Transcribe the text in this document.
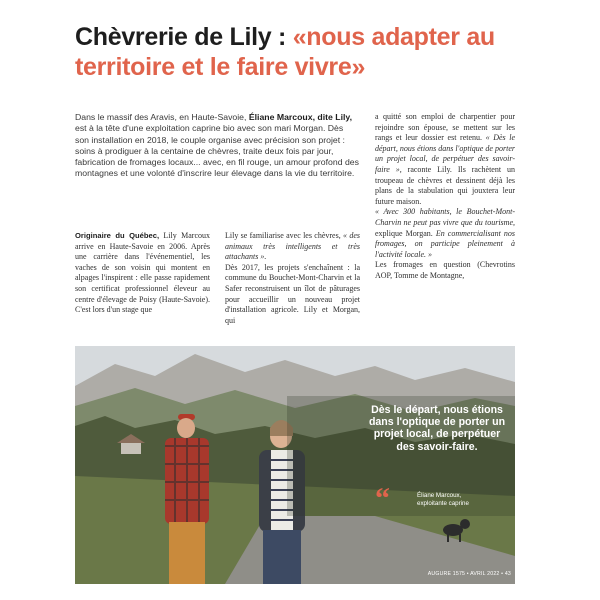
Chèvrerie de Lily : «nous adapter au territoire et le faire vivre»
Dans le massif des Aravis, en Haute-Savoie, Éliane Marcoux, dite Lily, est à la tête d'une exploitation caprine bio avec son mari Morgan. Dès son installation en 2018, le couple organise avec précision son projet : soins à prodiguer à la centaine de chèvres, traite deux fois par jour, fabrication de fromages locaux... avec, en fil rouge, un amour profond des montagnes et une volonté d'inscrire leur élevage dans la vie du territoire.

Originaire du Québec, Lily Marcoux arrive en Haute-Savoie en 2006. Après une carrière dans l'événementiel, les vaches de son voisin qui montent en alpages l'inspirent : elle passe rapidement son certificat professionnel éleveur au centre d'élevage de Poisy (Haute-Savoie). C'est lors d'un stage que

Lily se familiarise avec les chèvres, « des animaux très intelligents et très attachants ».

Dès 2017, les projets s'enchaînent : la commune du Bouchet-Mont-Charvin et la Safer reconstruisent un îlot de pâturages pour accueillir un nouveau projet d'installation agricole. Lily et Morgan, qui

a quitté son emploi de charpentier pour rejoindre son épouse, se mettent sur les rangs et leur dossier est retenu. « Dès le départ, nous étions dans l'optique de porter un projet local, de perpétuer des savoir-faire », raconte Lily. Ils rachètent un troupeau de chèvres et dessinent déjà les plans de la stabulation qui jouxtera leur future maison.

« Avec 300 habitants, le Bouchet-Mont-Charvin ne peut pas vivre que du tourisme, explique Morgan. En commercialisant nos fromages, on participe pleinement à l'activité locale. »

Les fromages en question (Chevrotins AOP, Tomme de Montagne,

Dès le départ, nous étions dans l'optique de porter un projet local, de perpétuer des savoir-faire.
“	Éliane Marcoux,
exploitante caprine
AUGURE 1575 • AVRIL 2022 • 43
